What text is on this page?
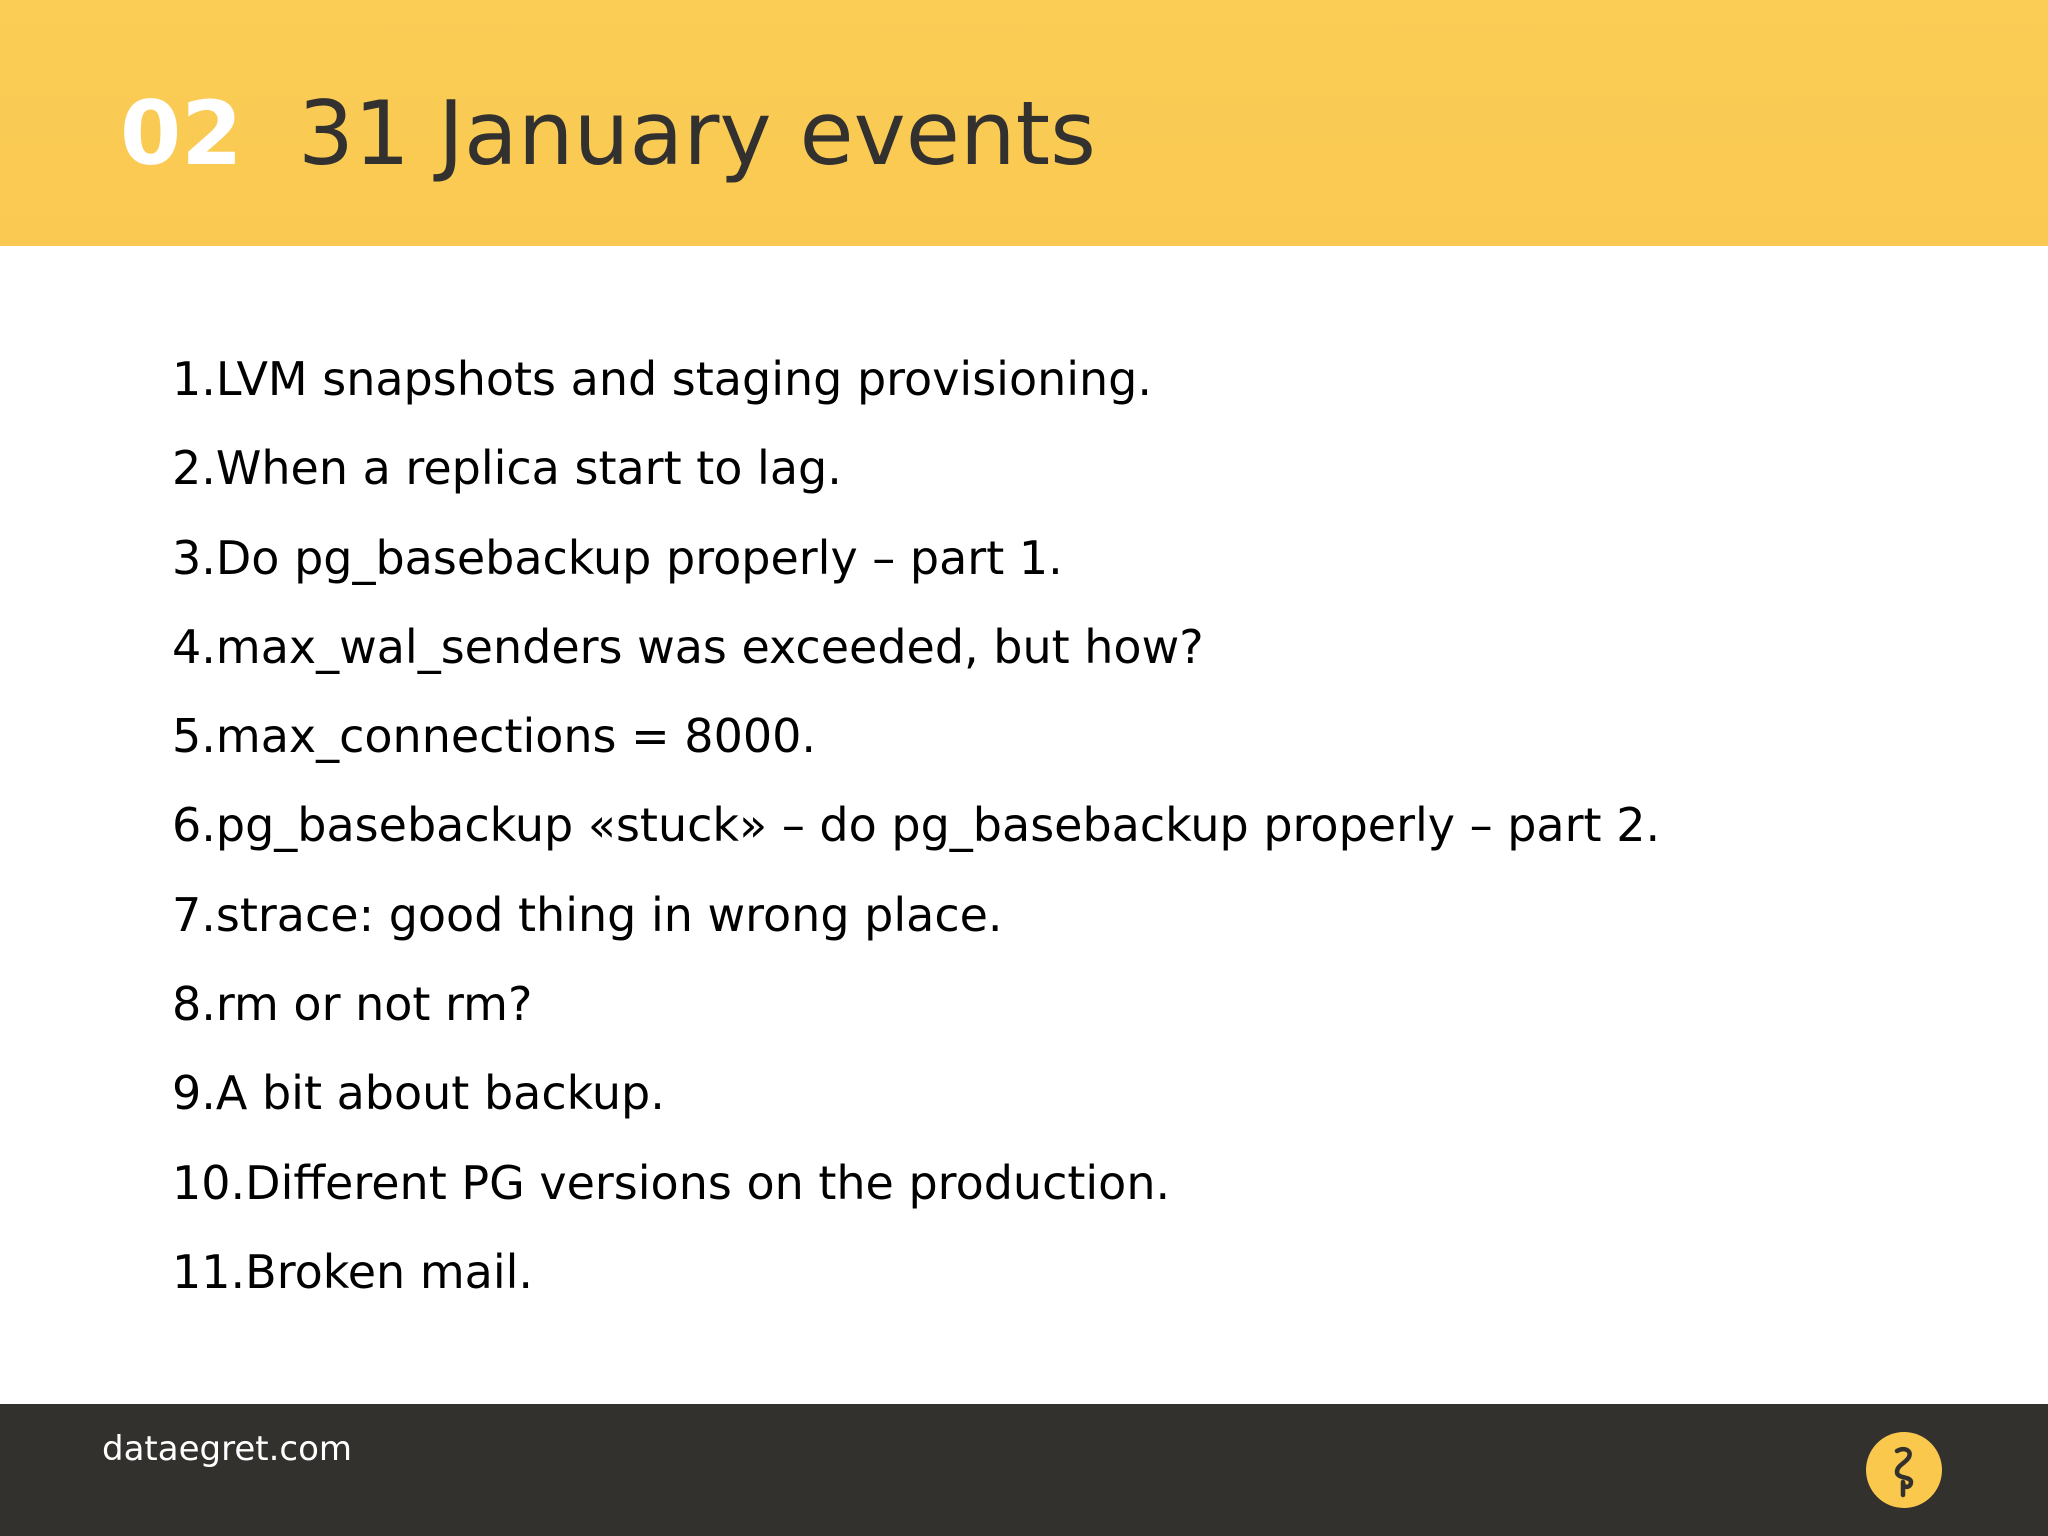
02 31 January events
1.LVM snapshots and staging provisioning.
2.When a replica start to lag.
3.Do pg_basebackup properly – part 1.
4.max_wal_senders was exceeded, but how?
5.max_connections = 8000.
6.pg_basebackup «stuck» – do pg_basebackup properly – part 2.
7.strace: good thing in wrong place.
8.rm or not rm?
9.A bit about backup.
10.Different PG versions on the production.
11.Broken mail.
dataegret.com
